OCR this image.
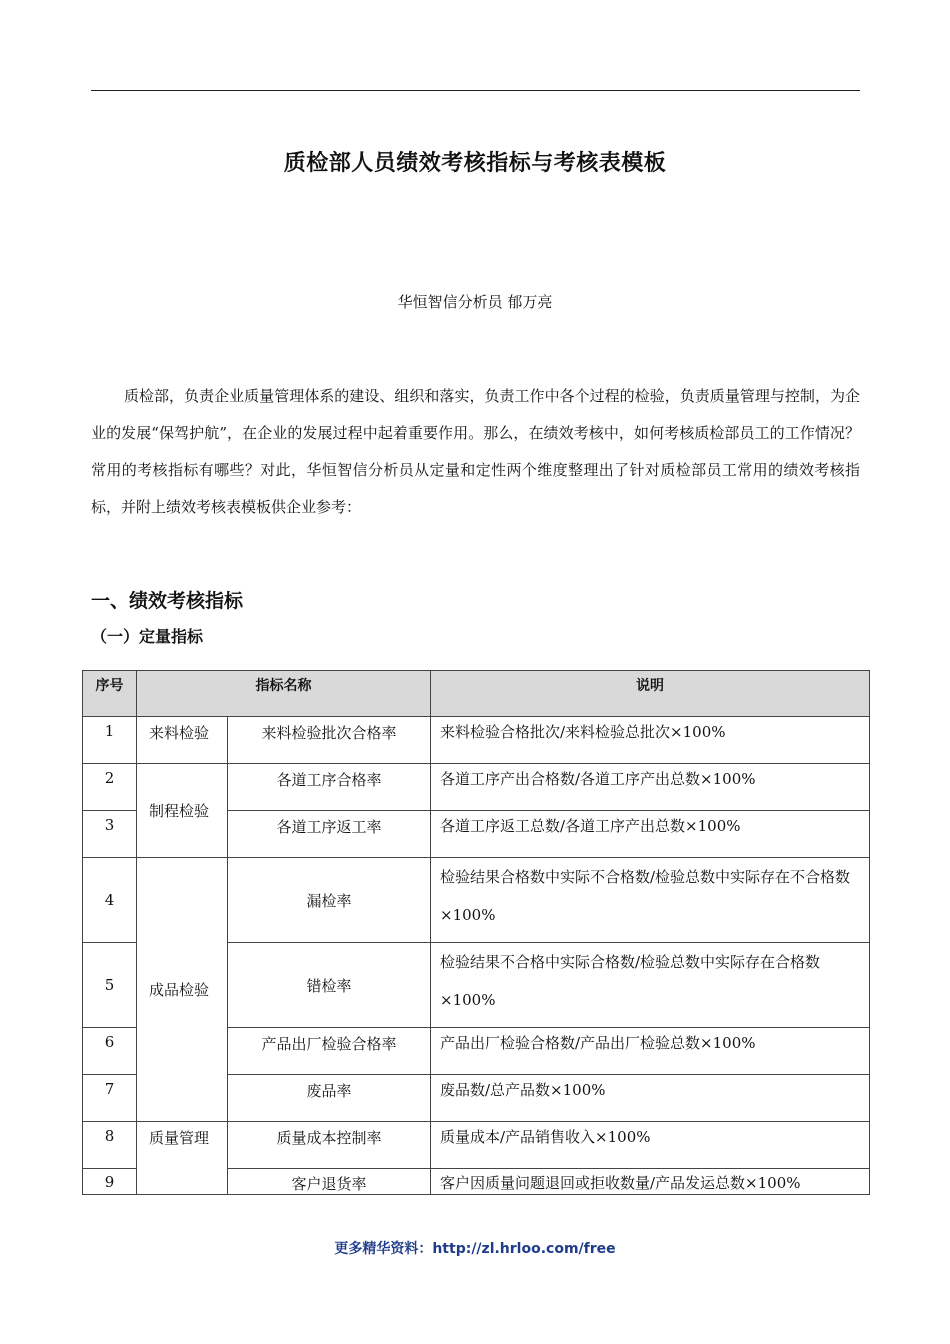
质检部人员绩效考核指标与考核表模板
华恒智信分析员 郁万亮

质检部，负责企业质量管理体系的建设、组织和落实，负责工作中各个过程的检验，负责质量管理与控制，为企业的发展“保驾护航”，在企业的发展过程中起着重要作用。那么，在绩效考核中，如何考核质检部员工的工作情况？常用的考核指标有哪些？对此，华恒智信分析员从定量和定性两个维度整理出了针对质检部员工常用的绩效考核指标，并附上绩效考核表模板供企业参考：

一、绩效考核指标
（一）定量指标
序号	指标名称		说明
1	来料检验	来料检验批次合格率	来料检验合格批次/来料检验总批次×100%
2	制程检验	各道工序合格率	各道工序产出合格数/各道工序产出总数×100%
3		各道工序返工率	各道工序返工总数/各道工序产出总数×100%
4	成品检验	漏检率	检验结果合格数中实际不合格数/检验总数中实际存在不合格数×100%
5		错检率	检验结果不合格中实际合格数/检验总数中实际存在合格数×100%
6		产品出厂检验合格率	产品出厂检验合格数/产品出厂检验总数×100%
7		废品率	废品数/总产品数×100%
8	质量管理	质量成本控制率	质量成本/产品销售收入×100%
9		客户退货率	客户因质量问题退回或拒收数量/产品发运总数×100%
更多精华资料：http://zl.hrloo.com/free
